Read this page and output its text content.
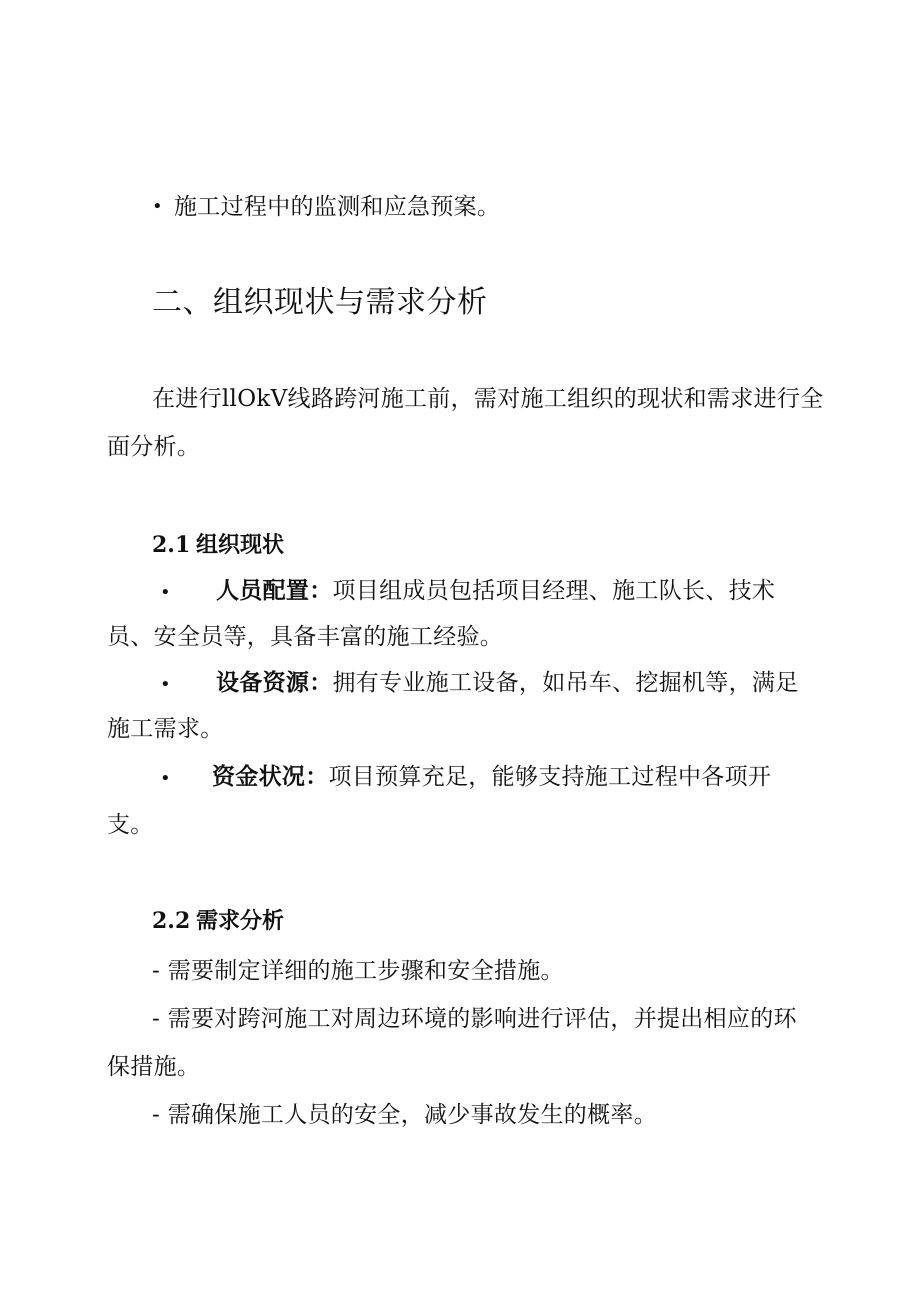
• 施工过程中的监测和应急预案。
二、组织现状与需求分析
在进行llOkV线路跨河施工前，需对施工组织的现状和需求进行全
面分析。
2.1 组织现状
• 人员配置：项目组成员包括项目经理、施工队长、技术
员、安全员等，具备丰富的施工经验。
• 设备资源：拥有专业施工设备，如吊车、挖掘机等，满足
施工需求。
• 资金状况：项目预算充足，能够支持施工过程中各项开
支。
2.2 需求分析
- 需要制定详细的施工步骤和安全措施。
- 需要对跨河施工对周边环境的影响进行评估，并提出相应的环
保措施。
- 需确保施工人员的安全，减少事故发生的概率。
